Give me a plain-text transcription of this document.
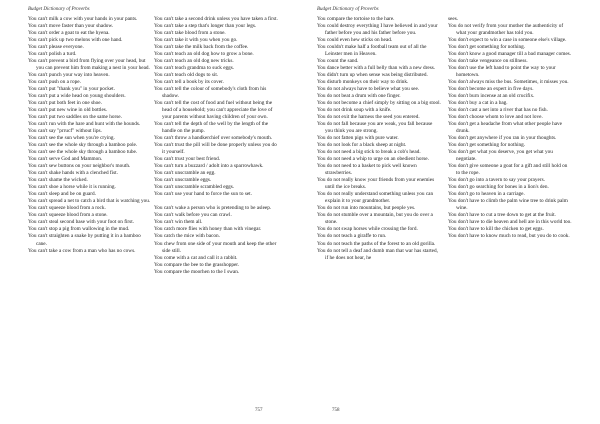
Budget Dictionary of Proverbs

You can't milk a cow with your hands in your pants.

You can't move faster than your shadow.

You can't order a goat to eat the hyena.

You can't pick up two melons with one hand.

You can't please everyone.

You can't polish a turd.

You can't prevent a bird from flying over your head, but you can prevent him from making a nest in your head.

You can't punch your way into heaven.

You can't push on a rope.

You can't put "thank you" in your pocket.

You can't put a wide head on young shoulders.

You can't put both feet in one shoe.

You can't put new wine in old bottles.

You can't put two saddles on the same horse.

You can't run with the hare and hunt with the hounds.

You can't say "prrucf" without lips.

You can't see the sun when you're crying.

You can't see the whole sky through a bamboo pole.

You can't see the whole sky through a bamboo tube.

You can't serve God and Mammon.

You can't sew buttons on your neighbor's mouth.

You can't shake hands with a clenched fist.

You can't shame the wicked.

You can't shoe a horse while it is running.

You can't sleep and be on guard.

You can't spread a net to catch a bird that is watching you.

You can't squeeze blood from a rock.

You can't squeeze blood from a stone.

You can't steal second base with your foot on first.

You can't stop a pig from wallowing in the mud.

You can't straighten a snake by putting it in a bamboo cane.

You can't take a cow from a man who has no cows.

You can't take a second drink unless you have taken a first.

You can't take a step that's longer than your legs.

You can't take blood from a stone.

You can't take it with you when you go.

You can't take the milk back from the coffee.

You can't teach an old dog how to grow a bone.

You can't teach an old dog new tricks.

You can't teach grandma to suck eggs.

You can't teach old dogs to sit.

You can't tell a book by its cover.

You can't tell the colour of somebody's cloth from his shadow.

You can't tell the cost of food and fuel without being the head of a household; you can't appreciate the love of your parents without having children of your own.

You can't tell the depth of the well by the length of the handle on the pump.

You can't throw a handkerchief over somebody's mouth.

You can't trust the pill will be done properly unless you do it yourself.

You can't trust your best friend.

You can't turn a buzzard / adolt into a sparrowhawk.

You can't unscramble an egg.

You can't unscramble eggs.

You can't unscramble scrambled eggs.

You can't use your hand to force the sun to set.

You can't wake a person who is pretending to be asleep.

You can't walk before you can crawl.

You can't win them all.

You catch more flies with honey than with vinegar.

You catch the mice with bacon.

You chew from one side of your mouth and keep the other side still.

You come with a cat and call it a rabbit.

You compare the bee to the grasshopper.

You compare the moorhen to the I swan.

757
Budget Dictionary of Proverbs

You compare the tortoise to the hare.

You could destroy everything I have believed in and your father before you and his father before you.

You could even hew sticks on head.

You couldn't make half a football team out of all the Leinster men in Heaven.

You count the sand.

You dance better with a full belly than with a new dress.

You didn't turn up when sense was being distributed.

You disturb monkeys on their way to drink.

You do not always have to believe what you see.

You do not beat a drum with one finger.

You do not become a chief simply by sitting on a big stool.

You do not drink soup with a knife.

You do not exit the harness the seed you entered.

You do not fall because you are weak, you fall because you think you are strong.

You do not fatten pigs with pure water.

You do not look for a black sheep at night.

You do not need a big stick to break a cob's head.

You do not need a whip to urge on an obedient horse.

You do not need to a basket to pick well known strawberries.

You do not really know your friends from your enemies until the ice breaks.

You do not really understand something unless you can explain it to your grandmother.

You do not run into mountains, but people yes.

You do not stumble over a mountain, but you do over a stone.

You do not swap horses while crossing the ford.

You do not teach a giraffe to run.

You do not teach the paths of the forest to an old gorilla.

You do not tell a deaf and dumb man that war has started, if he does not hear, he

sees.

You do not verify from your mother the authenticity of what your grandmother has told you.

You don't expect to win a case in someone else's village.

You don't get something for nothing.

You don't know a good manager till a bad manager comes.

You don't take vengeance on stillness.

You don't use the left hand to point the way to your hometown.

You don't always miss the bus. Sometimes, it misses you.

You don't become an expert in five days.

You don't burn incense at an old crucifix.

You don't buy a cat in a bag.

You don't cast a net into a river that has no fish.

You don't choose whom to love and not love.

You don't get a headache from what other people have drunk.

You don't get anywhere if you ran in your thoughts.

You don't get something for nothing.

You don't get what you deserve, you get what you negotiate.

You don't give someone a goat for a gift and still hold on to the rope.

You don't go into a tavern to say your prayers.

You don't go searching for bones in a lion's den.

You don't go to heaven in a carriage.

You don't have to climb the palm wine tree to drink palm wine.

You don't have to cut a tree down to get at the fruit.

You don't have to die heaven and hell are in this world too.

You don't have to kill the chicken to get eggs.

You don't have to know much to read, but you do to cook.

758
